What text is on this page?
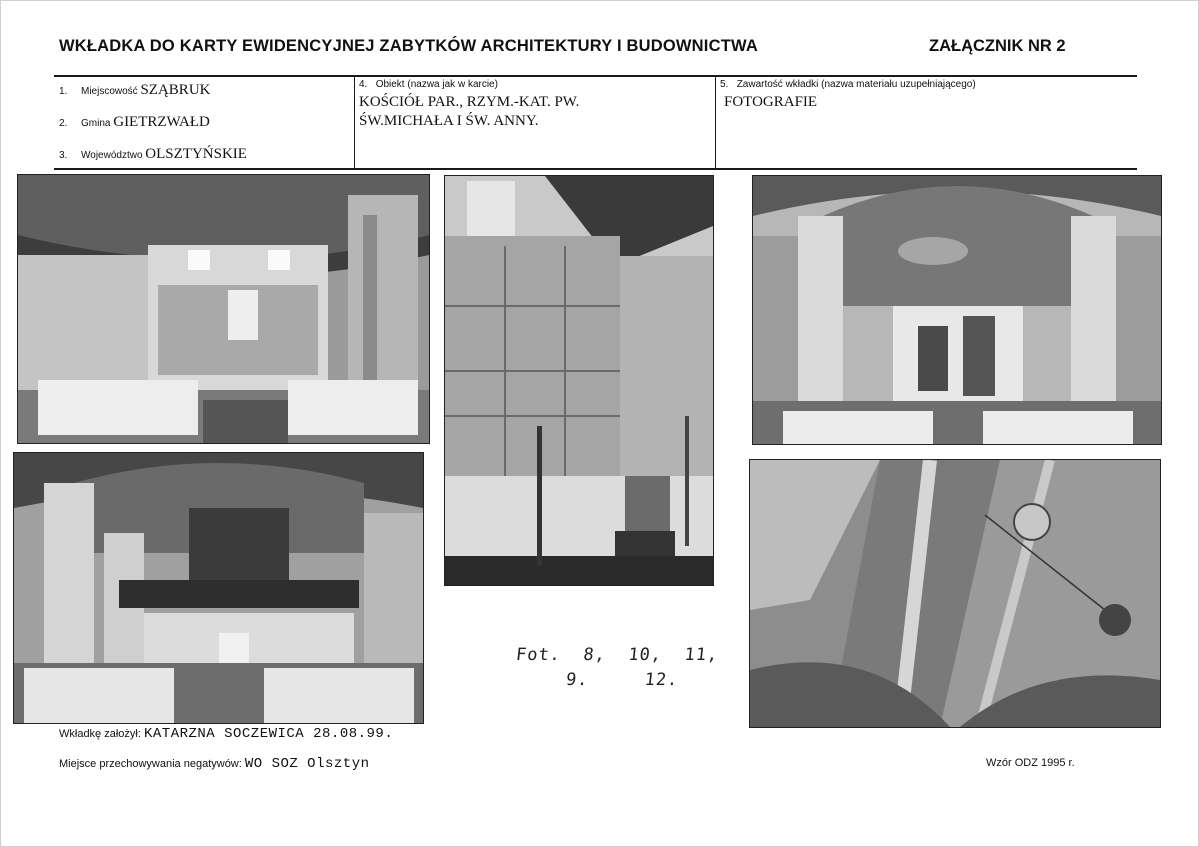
WKŁADKA DO KARTY EWIDENCYJNEJ ZABYTKÓW ARCHITEKTURY I BUDOWNICTWA	ZAŁĄCZNIK NR 2
1. Miejscowość SZĄBRUK
2. Gmina GIETRZWAŁD
3. Województwo OLSZTYŃSKIE
4. Obiekt (nazwa jak w karcie)
KOŚCIÓŁ PAR., RZYM.-KAT. PW.
ŚW.MICHAŁA I ŚW. ANNY.
5. Zawartość wkładki (nazwa materiału uzupełniającego)
FOTOGRAFIE
Fot.  8,  10,  11,
9.     12.
Wkładkę założył: KATARZNA SOCZEWICA 28.08.99.
Miejsce przechowywania negatywów: WO SOZ Olsztyn	Wzór ODZ 1995 r.
